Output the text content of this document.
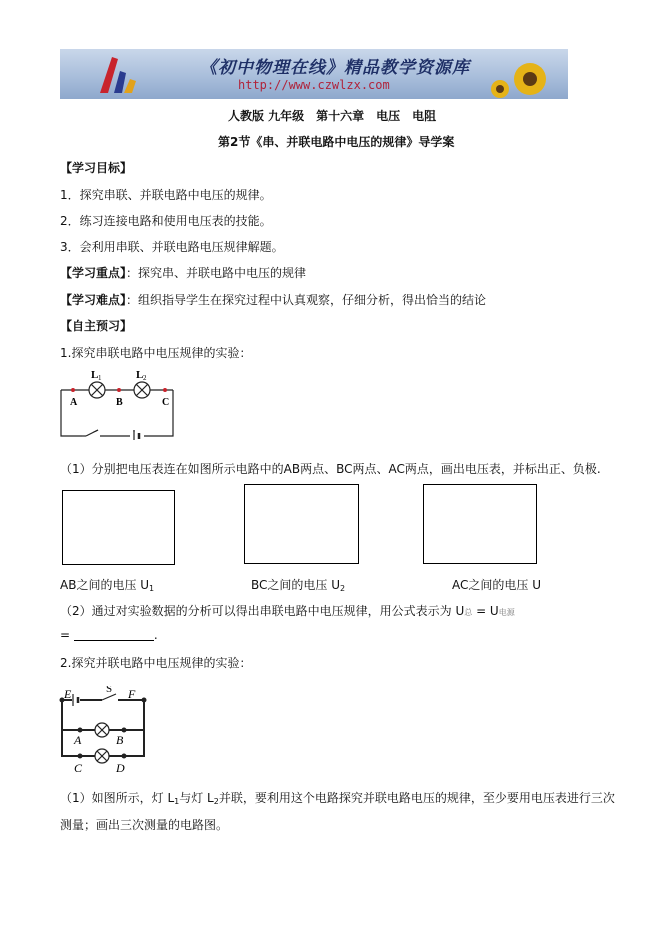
《初中物理在线》精品教学资源库
http://www.czwlzx.com
人教版 九年级　第十六章　电压　电阻
第2节《串、并联电路中电压的规律》导学案
【学习目标】
1．探究串联、并联电路中电压的规律。
2．练习连接电路和使用电压表的技能。
3．会利用串联、并联电路电压规律解题。
【学习重点】：探究串、并联电路中电压的规律
【学习难点】：组织指导学生在探究过程中认真观察，仔细分析，得出恰当的结论
【自主预习】
1.探究串联电路中电压规律的实验：
L 1	L 2
A	B	C
（1）分别把电压表连在如图所示电路中的AB两点、BC两点、AC两点，画出电压表，并标出正、负极.
AB之间的电压 $U_1$	BC之间的电压 $U_2$	AC之间的电压 U
（2）通过对实验数据的分析可以得出串联电路中电压规律，用公式表示为 U总 = U电源
=	.
2.探究并联电路中电压规律的实验：
E	S F
A	B
C	D
（1）如图所示，灯 $L_1$与灯 $L_2$并联，要利用这个电路探究并联电路电压的规律，至少要用电压表进行三次
测量；画出三次测量的电路图。
